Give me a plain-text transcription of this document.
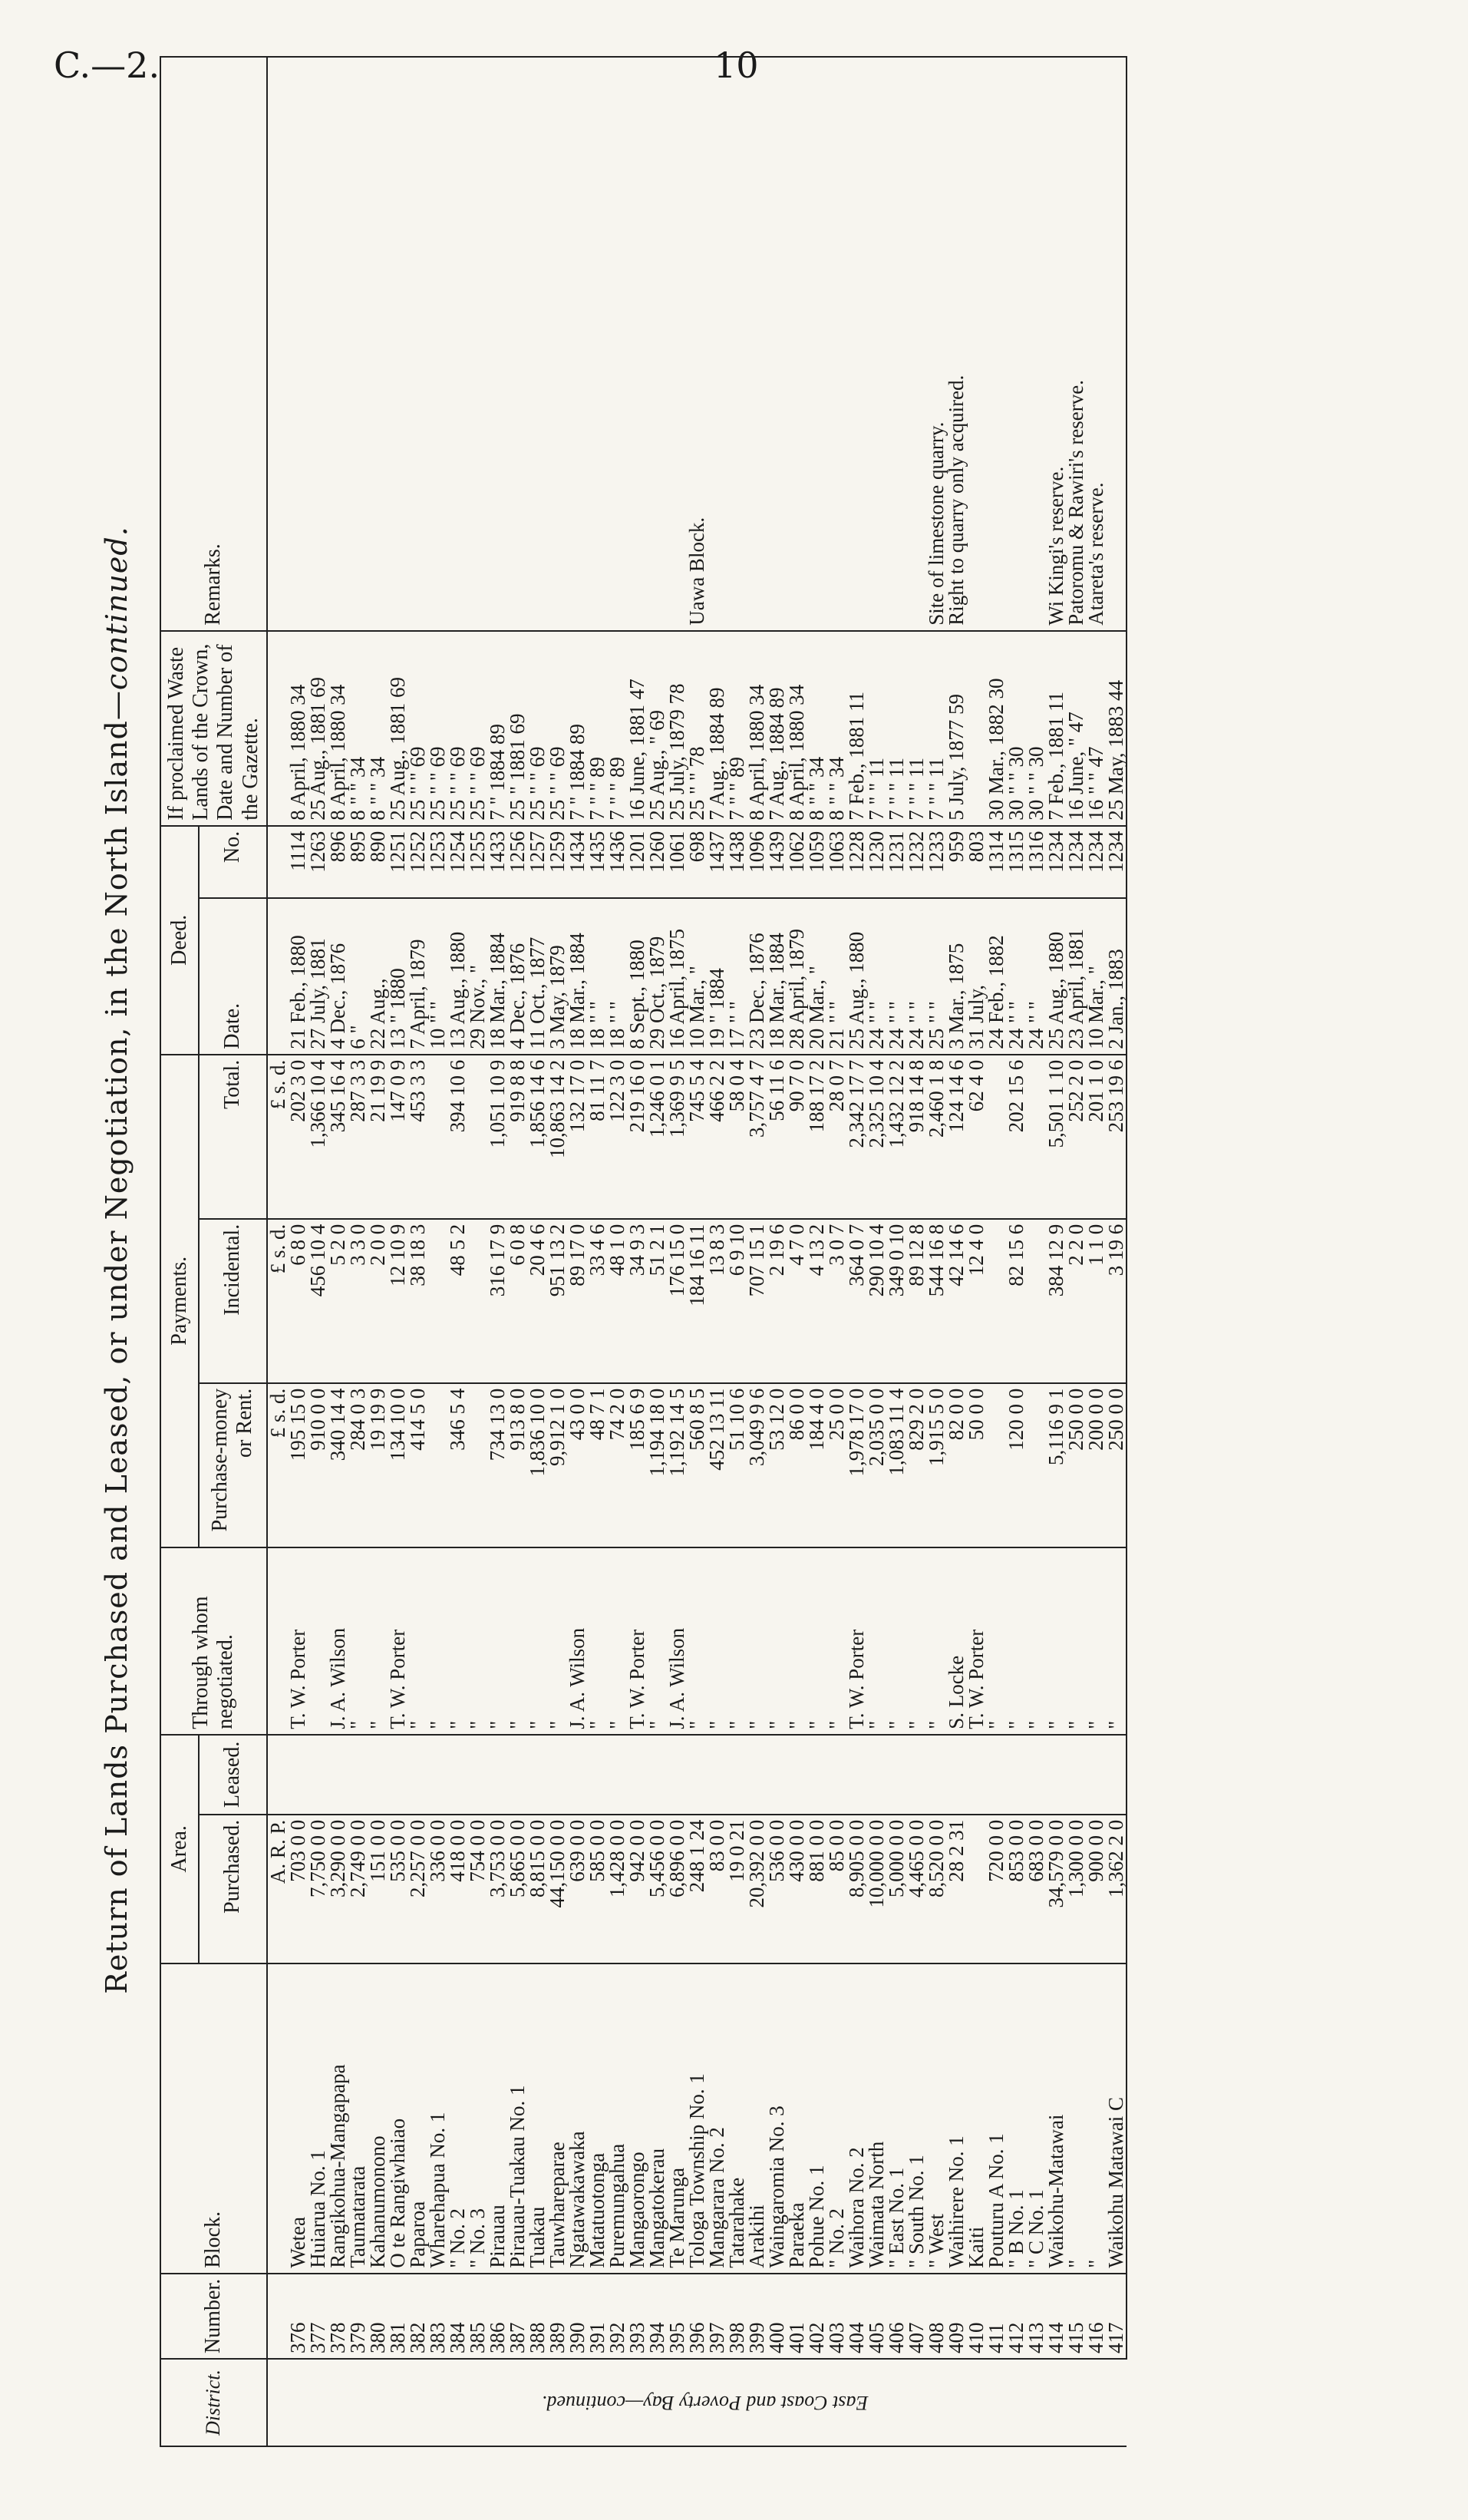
C.—2.	10
Return of Lands Purchased and Leased, or under Negotiation, in the North Island—continued.
District.	Number.	Block.	Area.		Through whom negotiated.	Payments.			Deed.		If proclaimed Waste Lands of the Crown, Date and Number of the Gazette.	Remarks.
			Purchased.	Leased.		Purchase-money or Rent.	Incidental.	Total.	Date.	No.		
			A. R. P.			£ s. d.	£ s. d.	£ s. d.				
East Coast and Poverty Bay—continued.	376	Wetea	703 0 0		T. W. Porter	195 15 0	6 8 0	202 3 0	21 Feb., 1880	1114	8 April, 1880 34	
	377	Huiarua No. 1	7,750 0 0			910 0 0	456 10 4	1,366 10 4	27 July, 1881	1263	25 Aug., 1881 69	
	378	Rangikohua-Mangapapa	3,290 0 0		J. A. Wilson	340 14 4	5 2 0	345 16 4	4 Dec., 1876	896	8 April, 1880 34	
	379	Taumatarata	2,749 0 0		"	284 0 3	3 3 0	287 3 3	6 "	895	8 " " 34	
	380	Kahanumonono	151 0 0		"	19 19 9	2 0 0	21 19 9	22 Aug.,	890	8 " " 34	
	381	O te Rangiwhaiao	535 0 0		T. W. Porter	134 10 0	12 10 9	147 0 9	13 " 1880	1251	25 Aug., 1881 69	
	382	Paparoa	2,257 0 0		"	414 5 0	38 18 3	453 3 3	7 April, 1879	1252	25 " " 69	
	383	Wharehapua No. 1	336 0 0		"				10 " "	1253	25 " " 69	
	384	" No. 2	418 0 0		"	346 5 4	48 5 2	394 10 6	13 Aug., 1880	1254	25 " " 69	
	385	" No. 3	754 0 0		"				29 Nov., "	1255	25 " " 69	
	386	Pirauau	3,753 0 0		"	734 13 0	316 17 9	1,051 10 9	18 Mar., 1884	1433	7 " 1884 89	
	387	Pirauau-Tuakau No. 1	5,865 0 0		"	913 8 0	6 0 8	919 8 8	4 Dec., 1876	1256	25 " 1881 69	
	388	Tuakau	8,815 0 0		"	1,836 10 0	20 4 6	1,856 14 6	11 Oct., 1877	1257	25 " " 69	
	389	Tauwhareparae	44,150 0 0		"	9,912 1 0	951 13 2	10,863 14 2	3 May, 1879	1259	25 " " 69	
	390	Ngatawakawaka	639 0 0		J. A. Wilson	43 0 0	89 17 0	132 17 0	18 Mar., 1884	1434	7 " 1884 89	
	391	Matatuotonga	585 0 0		"	48 7 1	33 4 6	81 11 7	18 " "	1435	7 " " 89	
	392	Puremungahua	1,428 0 0		"	74 2 0	48 1 0	122 3 0	18 " "	1436	7 " " 89	
	393	Mangaorongo	942 0 0		T. W. Porter	185 6 9	34 9 3	219 16 0	8 Sept., 1880	1201	16 June, 1881 47	
	394	Mangatokerau	5,456 0 0		"	1,194 18 0	51 2 1	1,246 0 1	29 Oct., 1879	1260	25 Aug., " 69	
	395	Te Marunga	6,896 0 0		J. A. Wilson	1,192 14 5	176 15 0	1,369 9 5	16 April, 1875	1061	25 July, 1879 78	
	396	Tologa Township No. 1	248 1 24		"	560 8 5	184 16 11	745 5 4	10 Mar., "	698	25 " " 78	Uawa Block.
	397	Mangarara No. 2	83 0 0		"	452 13 11	13 8 3	466 2 2	19 " 1884	1437	7 Aug., 1884 89	
	398	Tatarahake	19 0 21		"	51 10 6	6 9 10	58 0 4	17 " "	1438	7 " " 89	
	399	Arakihi	20,392 0 0		"	3,049 9 6	707 15 1	3,757 4 7	23 Dec., 1876	1096	8 April, 1880 34	
	400	Waingaromia No. 3	536 0 0		"	53 12 0	2 19 6	56 11 6	18 Mar., 1884	1439	7 Aug., 1884 89	
	401	Paraeka	430 0 0		"	86 0 0	4 7 0	90 7 0	28 April, 1879	1062	8 April, 1880 34	
	402	Pohue No. 1	881 0 0		"	184 4 0	4 13 2	188 17 2	20 Mar., "	1059	8 " " 34	
	403	" No. 2	85 0 0		"	25 0 0	3 0 7	28 0 7	21 " "	1063	8 " " 34	
	404	Waihora No. 2	8,905 0 0		T. W. Porter	1,978 17 0	364 0 7	2,342 17 7	25 Aug., 1880	1228	7 Feb., 1881 11	
	405	Waimata North	10,000 0 0		"	2,035 0 0	290 10 4	2,325 10 4	24 " "	1230	7 " " 11	
	406	" East No. 1	5,000 0 0		"	1,083 11 4	349 0 10	1,432 12 2	24 " "	1231	7 " " 11	
	407	" South No. 1	4,465 0 0		"	829 2 0	89 12 8	918 14 8	24 " "	1232	7 " " 11	
	408	" West	8,520 0 0		"	1,915 5 0	544 16 8	2,460 1 8	25 " "	1233	7 " " 11	Site of limestone quarry.
	409	Waihirere No. 1	28 2 31		S. Locke	82 0 0	42 14 6	124 14 6	3 Mar., 1875	959	5 July, 1877 59	Right to quarry only acquired.
	410	Kaiti			T. W. Porter	50 0 0	12 4 0	62 4 0	31 July,	803		
	411	Pouturu A No. 1	720 0 0		"				24 Feb., 1882	1314	30 Mar., 1882 30	
	412	" B No. 1	853 0 0		"	120 0 0	82 15 6	202 15 6	24 " "	1315	30 " " 30	
	413	" C No. 1	683 0 0		"				24 " "	1316	30 " " 30	
	414	Waikohu-Matawai	34,579 0 0		"	5,116 9 1	384 12 9	5,501 1 10	25 Aug., 1880	1234	7 Feb., 1881 11	Wi Kingi's reserve.
	415	"	1,300 0 0		"	250 0 0	2 2 0	252 2 0	23 April, 1881	1234	16 June, " 47	Patoromu & Rawiri's reserve.
	416	"	900 0 0		"	200 0 0	1 1 0	201 1 0	10 Mar., "	1234	16 " " 47	Atareta's reserve.
	417	Waikohu Matawai C	1,362 2 0		"	250 0 0	3 19 6	253 19 6	2 Jan., 1883	1234	25 May, 1883 44	
